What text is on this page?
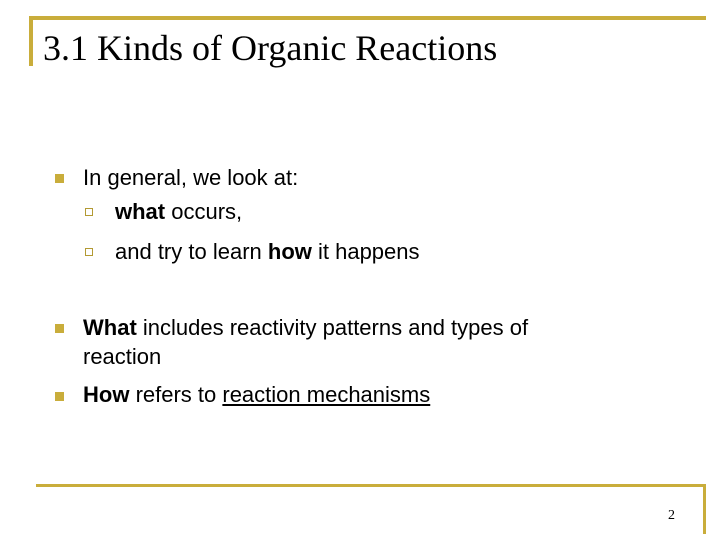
3.1 Kinds of Organic Reactions
In general, we look at:
what occurs,
and try to learn how it happens
What includes reactivity patterns and types of
reaction
How refers to reaction mechanisms
2
